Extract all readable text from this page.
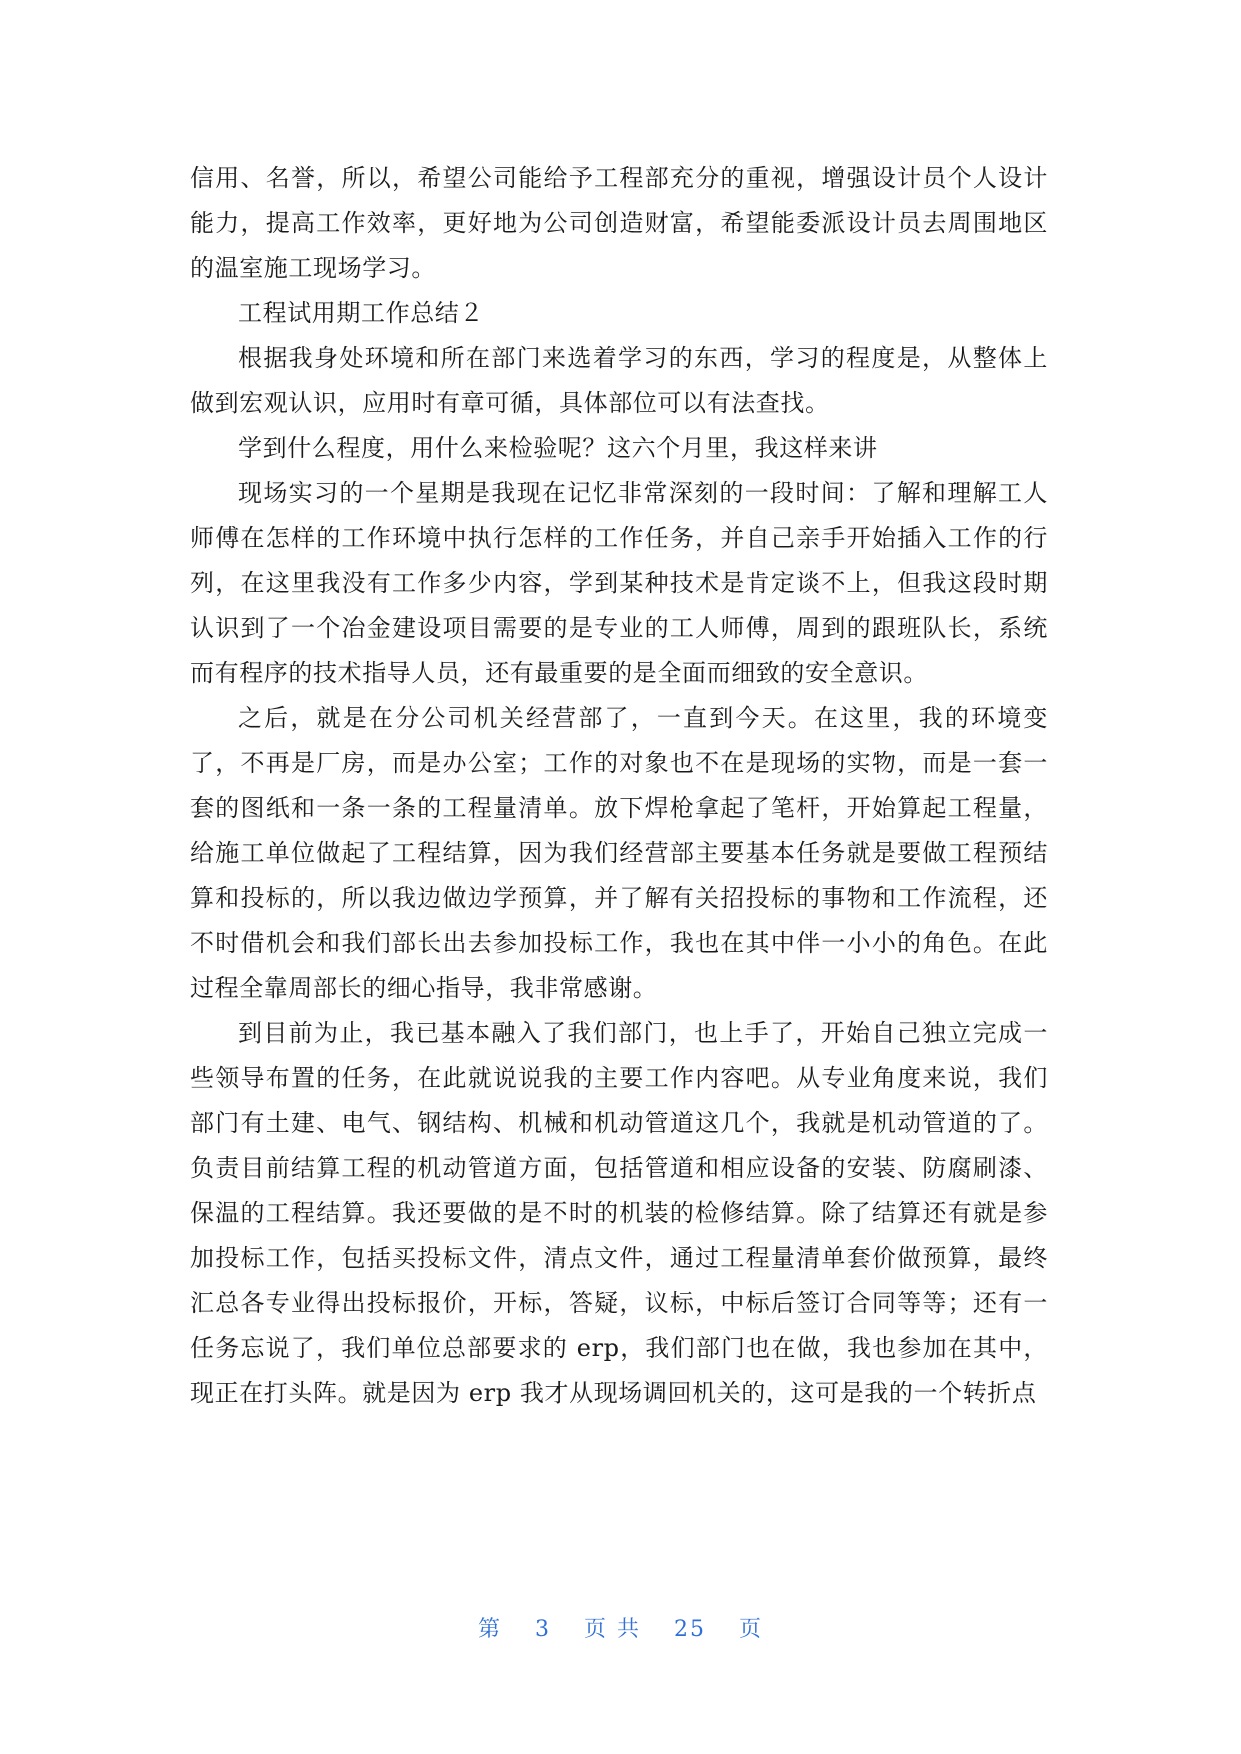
信用、名誉，所以，希望公司能给予工程部充分的重视，增强设计员个人设计能力，提高工作效率，更好地为公司创造财富，希望能委派设计员去周围地区的温室施工现场学习。

工程试用期工作总结２

根据我身处环境和所在部门来选着学习的东西，学习的程度是，从整体上做到宏观认识，应用时有章可循，具体部位可以有法查找。

学到什么程度，用什么来检验呢？这六个月里，我这样来讲

现场实习的一个星期是我现在记忆非常深刻的一段时间：了解和理解工人师傅在怎样的工作环境中执行怎样的工作任务，并自己亲手开始插入工作的行列，在这里我没有工作多少内容，学到某种技术是肯定谈不上，但我这段时期认识到了一个冶金建设项目需要的是专业的工人师傅，周到的跟班队长，系统而有程序的技术指导人员，还有最重要的是全面而细致的安全意识。

之后，就是在分公司机关经营部了，一直到今天。在这里，我的环境变了，不再是厂房，而是办公室；工作的对象也不在是现场的实物，而是一套一套的图纸和一条一条的工程量清单。放下焊枪拿起了笔杆，开始算起工程量，给施工单位做起了工程结算，因为我们经营部主要基本任务就是要做工程预结算和投标的，所以我边做边学预算，并了解有关招投标的事物和工作流程，还不时借机会和我们部长出去参加投标工作，我也在其中伴一小小的角色。在此过程全靠周部长的细心指导，我非常感谢。

到目前为止，我已基本融入了我们部门，也上手了，开始自己独立完成一些领导布置的任务，在此就说说我的主要工作内容吧。从专业角度来说，我们部门有土建、电气、钢结构、机械和机动管道这几个，我就是机动管道的了。负责目前结算工程的机动管道方面，包括管道和相应设备的安装、防腐刷漆、保温的工程结算。我还要做的是不时的机装的检修结算。除了结算还有就是参加投标工作，包括买投标文件，清点文件，通过工程量清单套价做预算，最终汇总各专业得出投标报价，开标，答疑，议标，中标后签订合同等等；还有一任务忘说了，我们单位总部要求的 erp，我们部门也在做，我也参加在其中，现正在打头阵。就是因为 erp 我才从现场调回机关的，这可是我的一个转折点

第 3 页 共 25 页
